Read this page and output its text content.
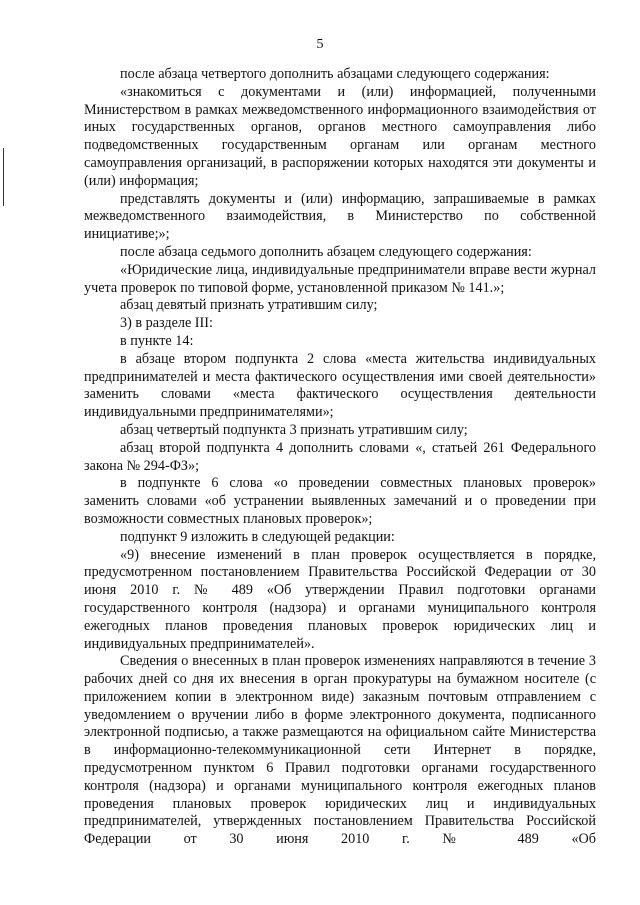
5

после абзаца четвертого дополнить абзацами следующего содержания:

«знакомиться с документами и (или) информацией, полученными Министерством в рамках межведомственного информационного взаимодействия от иных государственных органов, органов местного самоуправления либо подведомственных государственным органам или органам местного самоуправления организаций, в распоряжении которых находятся эти документы и (или) информация;

представлять документы и (или) информацию, запрашиваемые в рамках межведомственного взаимодействия, в Министерство по собственной инициативе;»;

после абзаца седьмого дополнить абзацем следующего содержания:

«Юридические лица, индивидуальные предприниматели вправе вести журнал учета проверок по типовой форме, установленной приказом № 141.»;

абзац девятый признать утратившим силу;

3) в разделе III:

в пункте 14:

в абзаце втором подпункта 2 слова «места жительства индивидуальных предпринимателей и места фактического осуществления ими своей деятельности» заменить словами «места фактического осуществления деятельности индивидуальными предпринимателями»;

абзац четвертый подпункта 3 признать утратившим силу;

абзац второй подпункта 4 дополнить словами «, статьей 261 Федерального закона № 294-ФЗ»;

в подпункте 6 слова «о проведении совместных плановых проверок» заменить словами «об устранении выявленных замечаний и о проведении при возможности совместных плановых проверок»;

подпункт 9 изложить в следующей редакции:

«9) внесение изменений в план проверок осуществляется в порядке, предусмотренном постановлением Правительства Российской Федерации от 30 июня 2010 г. № 489 «Об утверждении Правил подготовки органами государственного контроля (надзора) и органами муниципального контроля ежегодных планов проведения плановых проверок юридических лиц и индивидуальных предпринимателей».

Сведения о внесенных в план проверок изменениях направляются в течение 3 рабочих дней со дня их внесения в орган прокуратуры на бумажном носителе (с приложением копии в электронном виде) заказным почтовым отправлением с уведомлением о вручении либо в форме электронного документа, подписанного электронной подписью, а также размещаются на официальном сайте Министерства в информационно-телекоммуникационной сети Интернет в порядке, предусмотренном пунктом 6 Правил подготовки органами государственного контроля (надзора) и органами муниципального контроля ежегодных планов проведения плановых проверок юридических лиц и индивидуальных предпринимателей, утвержденных постановлением Правительства Российской Федерации от 30 июня 2010 г. № 489 «Об
